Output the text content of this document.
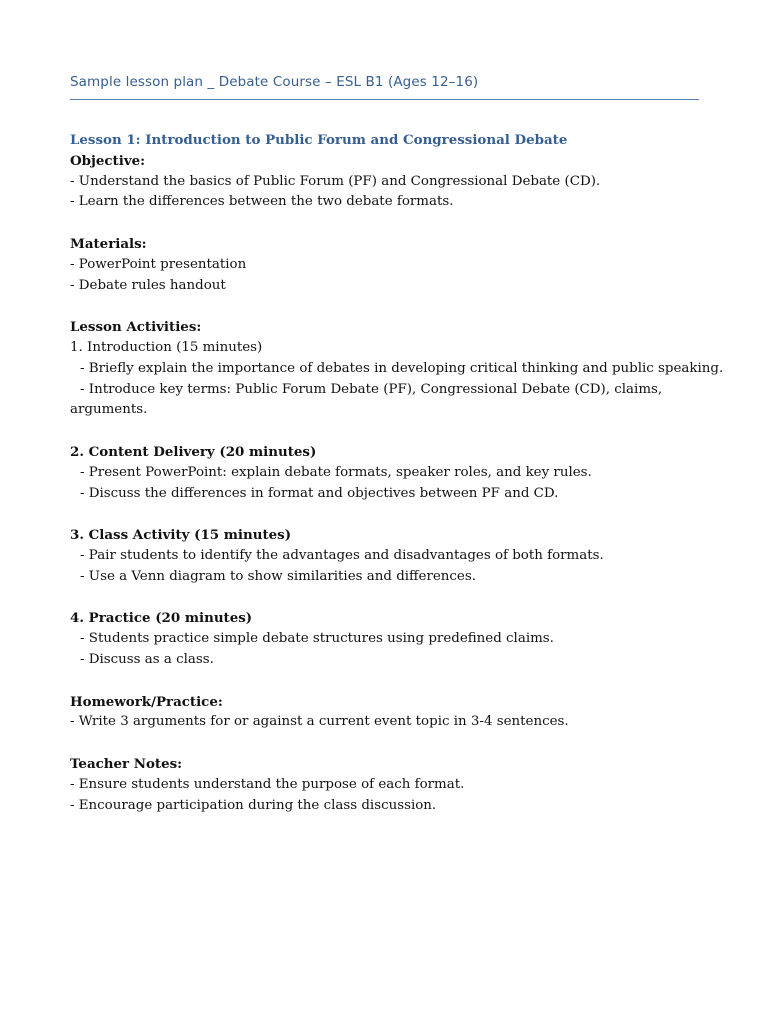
Sample lesson plan _ Debate Course – ESL B1 (Ages 12–16)
Lesson 1: Introduction to Public Forum and Congressional Debate
Objective:
- Understand the basics of Public Forum (PF) and Congressional Debate (CD).
- Learn the differences between the two debate formats.
Materials:
- PowerPoint presentation
- Debate rules handout
Lesson Activities:
1. Introduction (15 minutes)
- Briefly explain the importance of debates in developing critical thinking and public speaking.
- Introduce key terms: Public Forum Debate (PF), Congressional Debate (CD), claims,
arguments.
2. Content Delivery (20 minutes)
- Present PowerPoint: explain debate formats, speaker roles, and key rules.
- Discuss the differences in format and objectives between PF and CD.
3. Class Activity (15 minutes)
- Pair students to identify the advantages and disadvantages of both formats.
- Use a Venn diagram to show similarities and differences.
4. Practice (20 minutes)
- Students practice simple debate structures using predefined claims.
- Discuss as a class.
Homework/Practice:
- Write 3 arguments for or against a current event topic in 3-4 sentences.
Teacher Notes:
- Ensure students understand the purpose of each format.
- Encourage participation during the class discussion.
